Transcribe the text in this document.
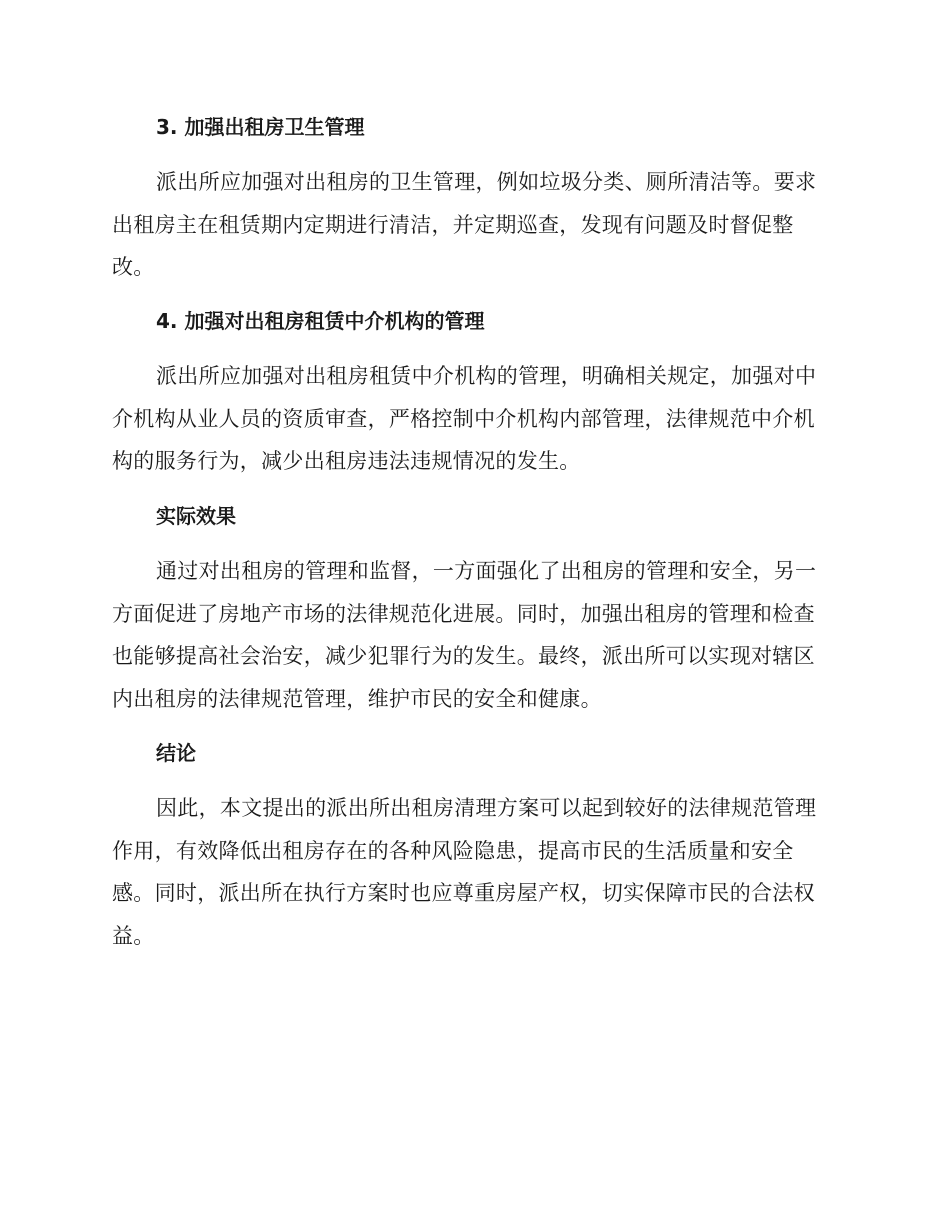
3. 加强出租房卫生管理
派出所应加强对出租房的卫生管理，例如垃圾分类、厕所清洁等。要求
出租房主在租赁期内定期进行清洁，并定期巡查，发现有问题及时督促整
改。
4. 加强对出租房租赁中介机构的管理
派出所应加强对出租房租赁中介机构的管理，明确相关规定，加强对中
介机构从业人员的资质审查，严格控制中介机构内部管理，法律规范中介机
构的服务行为，减少出租房违法违规情况的发生。
实际效果
通过对出租房的管理和监督，一方面强化了出租房的管理和安全，另一
方面促进了房地产市场的法律规范化进展。同时，加强出租房的管理和检查
也能够提高社会治安，减少犯罪行为的发生。最终，派出所可以实现对辖区
内出租房的法律规范管理，维护市民的安全和健康。
结论
因此，本文提出的派出所出租房清理方案可以起到较好的法律规范管理
作用，有效降低出租房存在的各种风险隐患，提高市民的生活质量和安全
感。同时，派出所在执行方案时也应尊重房屋产权，切实保障市民的合法权
益。
